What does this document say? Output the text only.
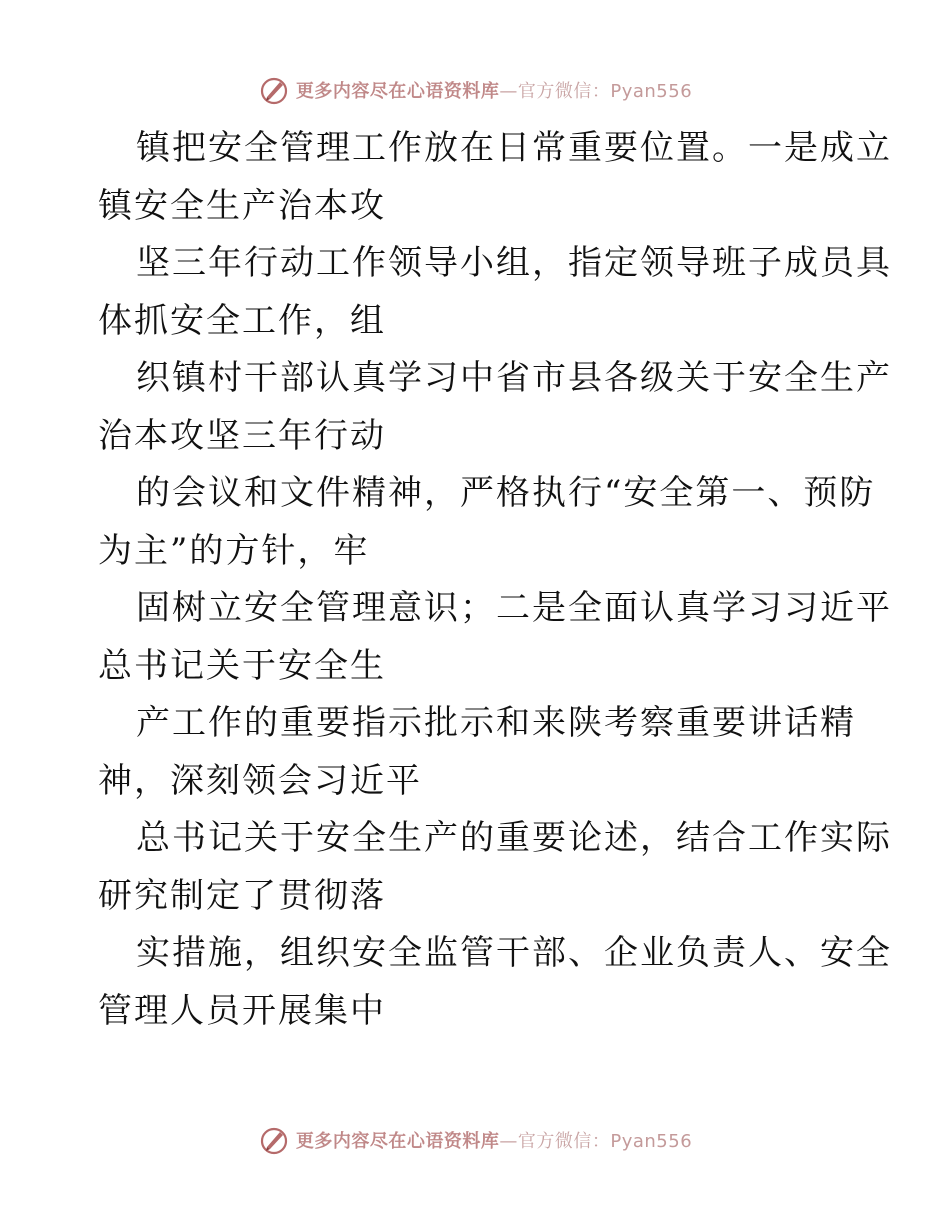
更多内容尽在心语资料库—官方微信：Pyan556
镇把安全管理工作放在日常重要位置。一是成立
镇安全生产治本攻
坚三年行动工作领导小组，指定领导班子成员具
体抓安全工作，组
织镇村干部认真学习中省市县各级关于安全生产
治本攻坚三年行动
的会议和文件精神，严格执行“安全第一、预防
为主”的方针，牢
固树立安全管理意识；二是全面认真学习习近平
总书记关于安全生
产工作的重要指示批示和来陕考察重要讲话精
神，深刻领会习近平
总书记关于安全生产的重要论述，结合工作实际
研究制定了贯彻落
实措施，组织安全监管干部、企业负责人、安全
管理人员开展集中
更多内容尽在心语资料库—官方微信：Pyan556
